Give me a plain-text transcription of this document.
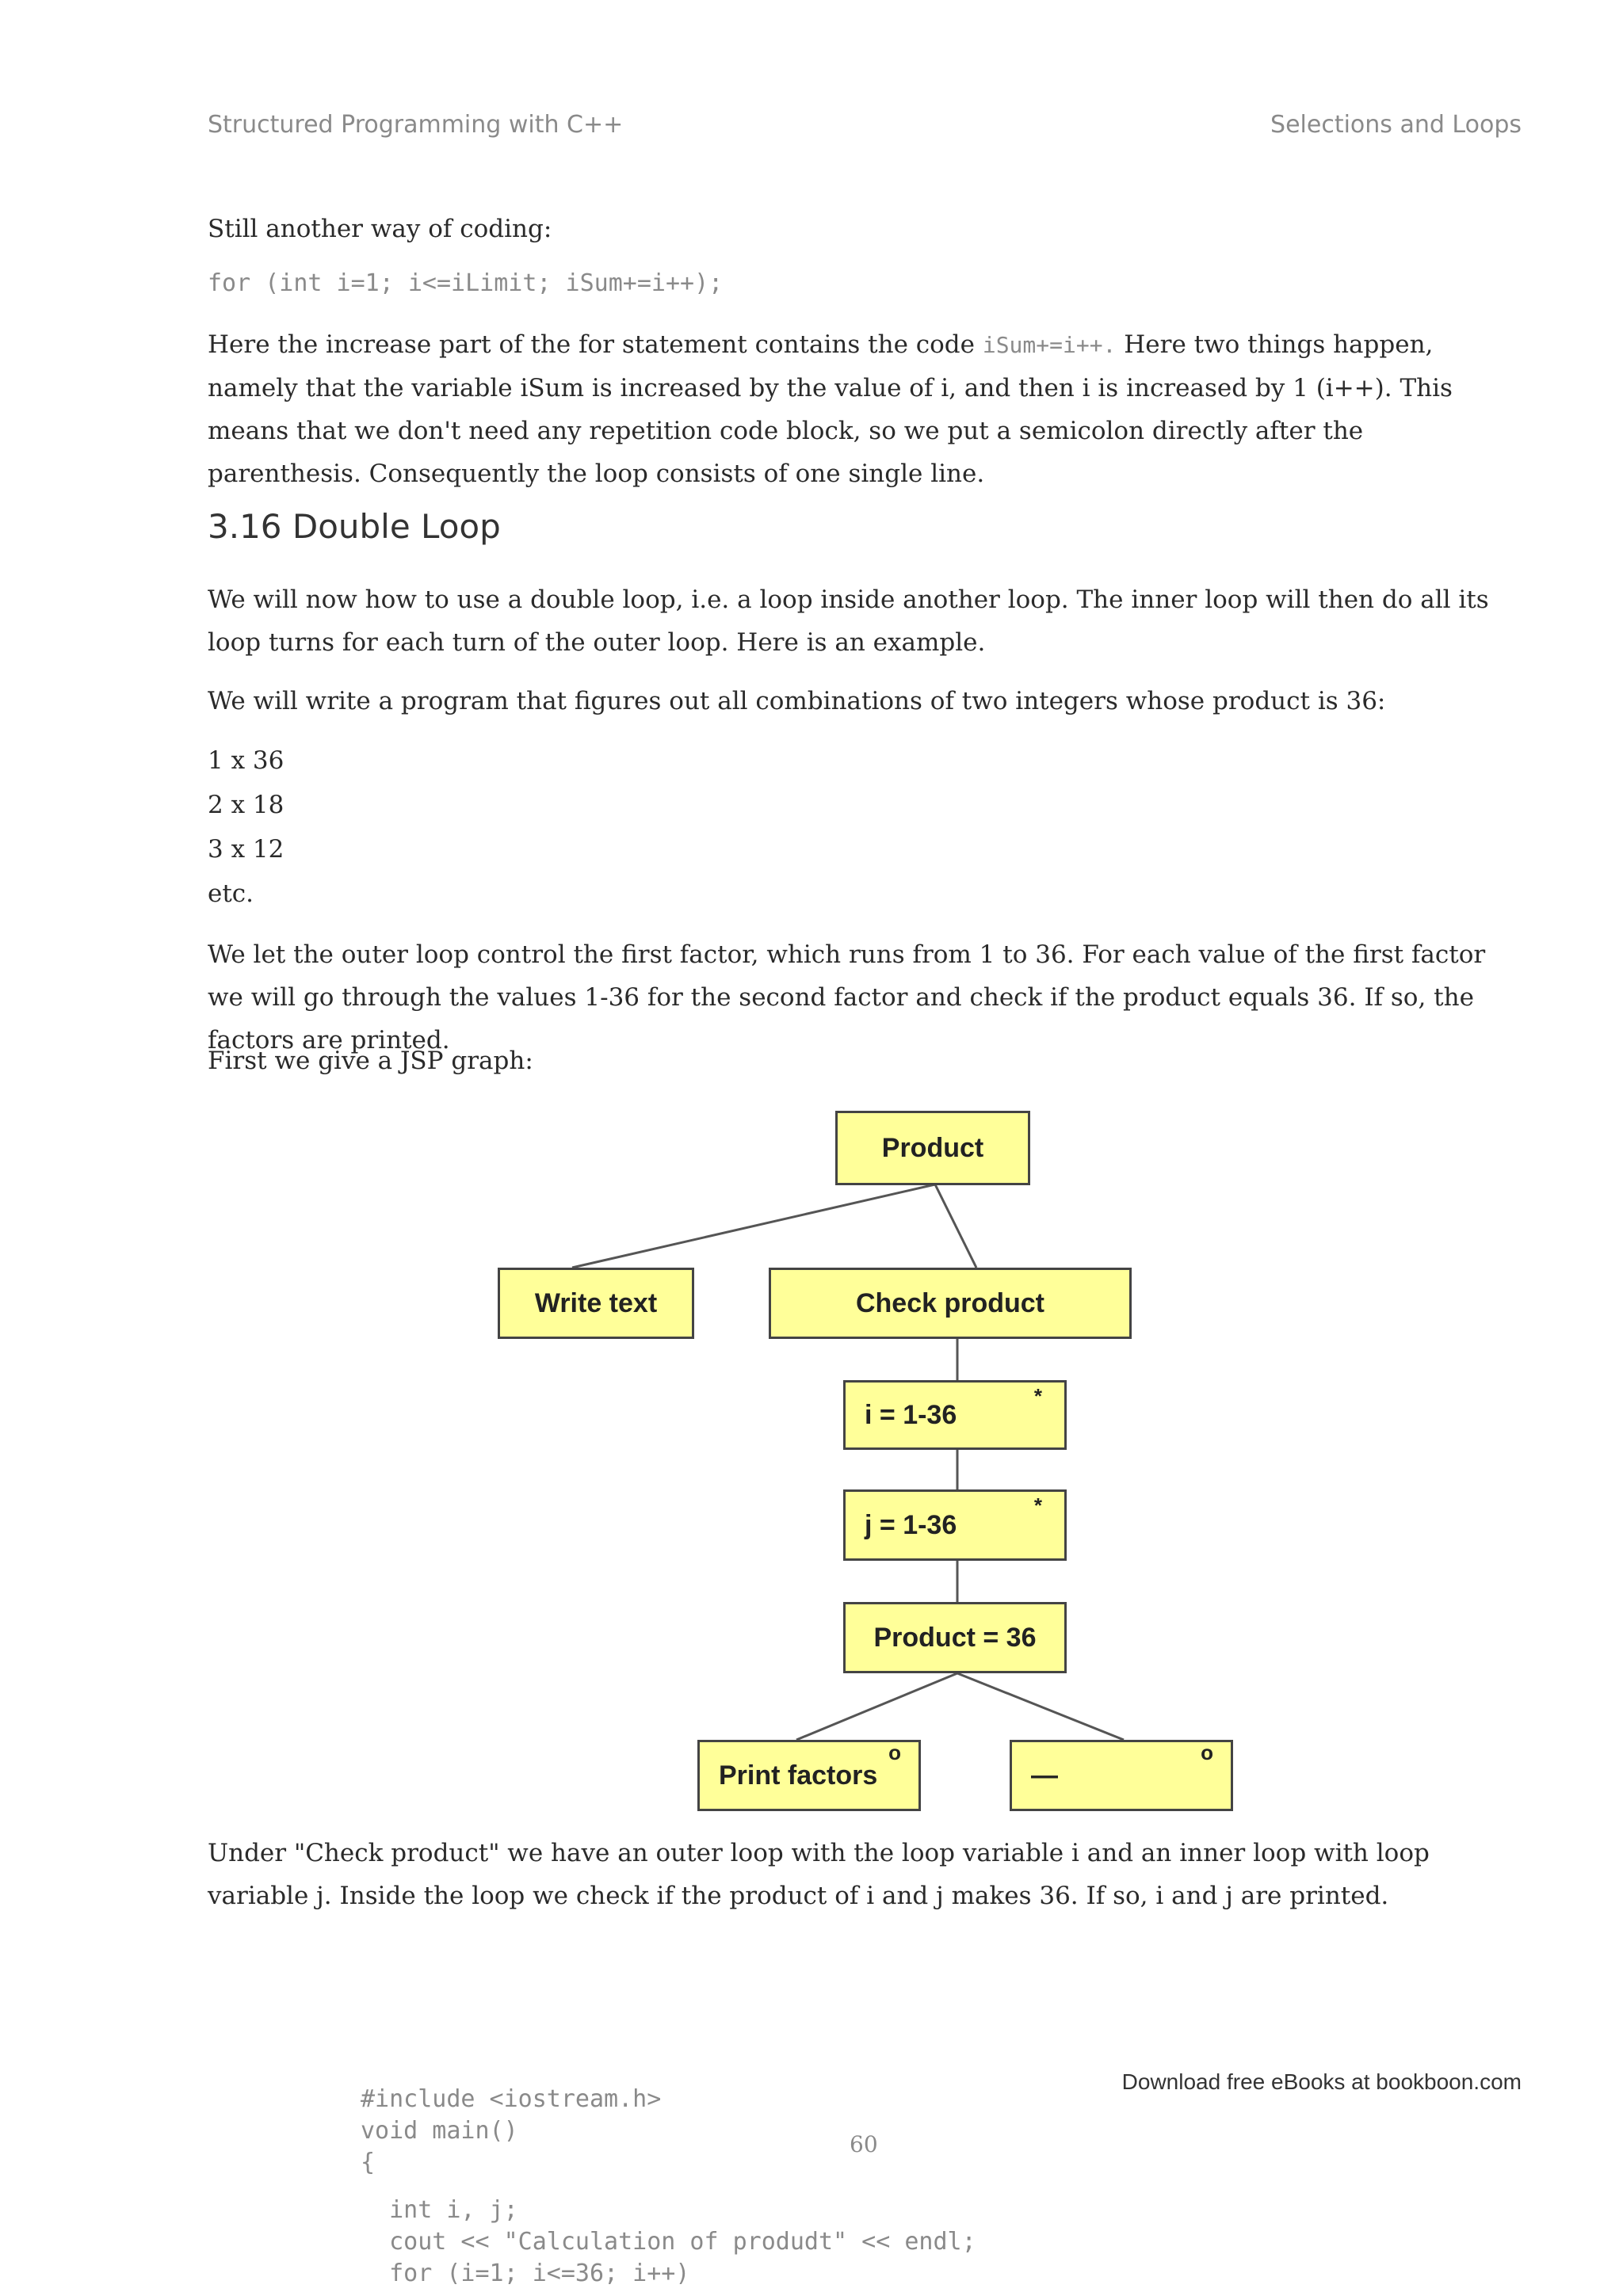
Structured Programming with C++	Selections and Loops
Still another way of coding:
for (int i=1; i<=iLimit; iSum+=i++);
Here the increase part of the for statement contains the code iSum+=i++. Here two things happen, namely that the variable iSum is increased by the value of i, and then i is increased by 1 (i++). This means that we don't need any repetition code block, so we put a semicolon directly after the parenthesis. Consequently the loop consists of one single line.
3.16 Double Loop
We will now how to use a double loop, i.e. a loop inside another loop. The inner loop will then do all its loop turns for each turn of the outer loop. Here is an example.
We will write a program that figures out all combinations of two integers whose product is 36:
1 x 36
2 x 18
3 x 12
etc.
We let the outer loop control the first factor, which runs from 1 to 36. For each value of the first factor we will go through the values 1-36 for the second factor and check if the product equals 36. If so, the factors are printed.
First we give a JSP graph:
Product
Write text	Check product
i = 1-36
*
j = 1-36
*
Product = 36
Print factors
o
—
o
Under "Check product" we have an outer loop with the loop variable i and an inner loop with loop variable j. Inside the loop we check if the product of i and j makes 36. If so, i and j are printed.
Download free eBooks at bookboon.com
60
#include <iostream.h>
void main()
{
int i, j;
cout << "Calculation of produdt" << endl;
for (i=1; i<=36; i++)
